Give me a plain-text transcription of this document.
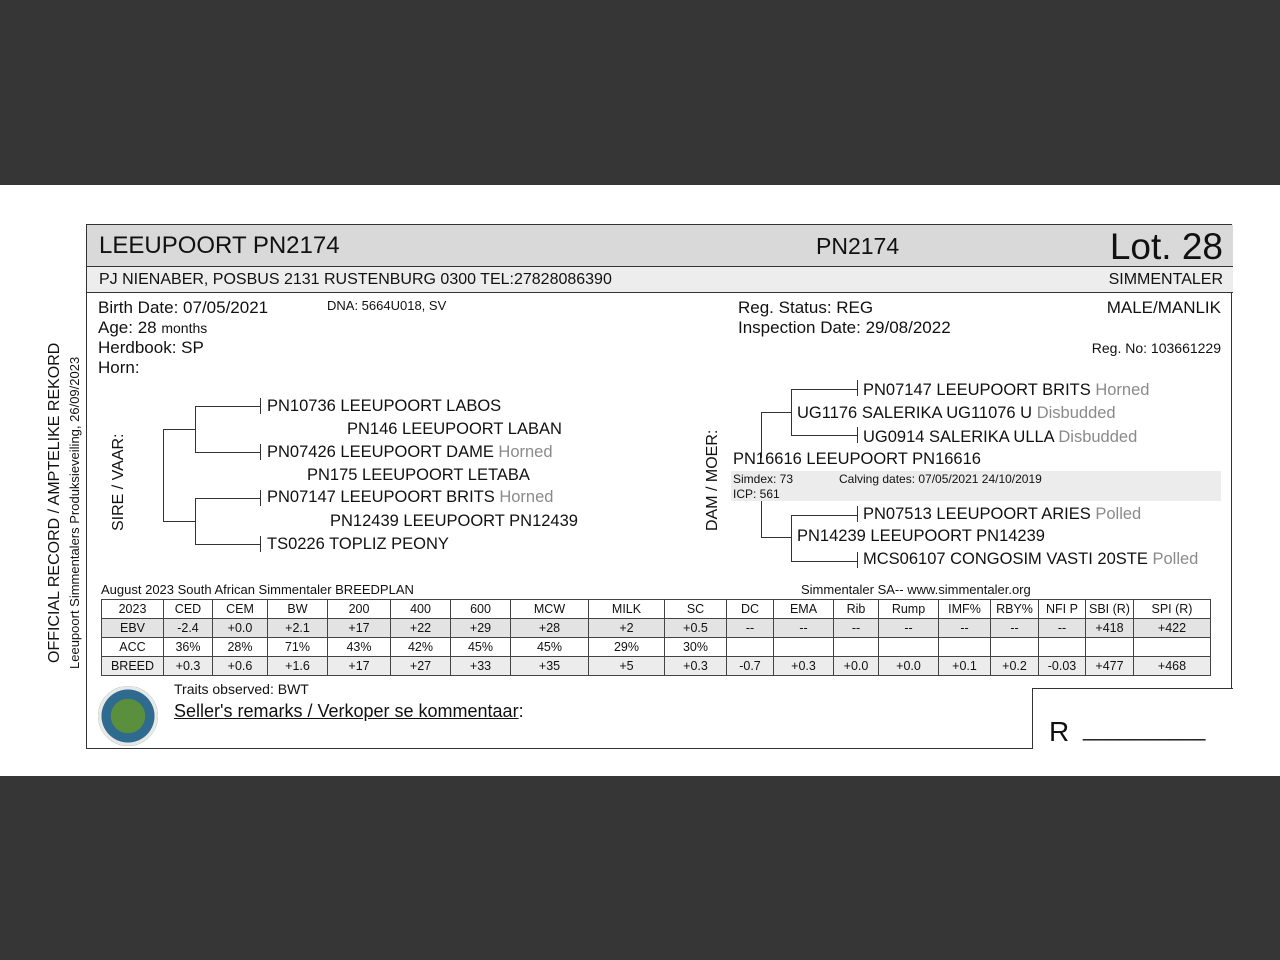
OFFICIAL RECORD / AMPTELIKE REKORD Leeupoort Simmentalers Produksieveiling, 26/09/2023
LEEUPOORT PN2174	PN2174	Lot. 28
PJ NIENABER, POSBUS 2131 RUSTENBURG 0300 TEL:27828086390	SIMMENTALER
Birth Date: 07/05/2021	DNA: 5664U018, SV
Age: 28 months
Herdbook: SP
Horn:
Reg. Status: REG
Inspection Date: 29/08/2022
MALE/MANLIK
Reg. No: 103661229
SIRE / VAAR:
PN10736 LEEUPOORT LABOS
PN146 LEEUPOORT LABAN
PN07426 LEEUPOORT DAME Horned
PN175 LEEUPOORT LETABA
PN07147 LEEUPOORT BRITS Horned
PN12439 LEEUPOORT PN12439
TS0226 TOPLIZ PEONY
DAM / MOER:
PN07147 LEEUPOORT BRITS Horned
UG1176 SALERIKA UG11076 U Disbudded
UG0914 SALERIKA ULLA Disbudded
PN16616 LEEUPOORT PN16616
Simdex: 73	Calving dates: 07/05/2021 24/10/2019
ICP: 561
PN07513 LEEUPOORT ARIES Polled
PN14239 LEEUPOORT PN14239
MCS06107 CONGOSIM VASTI 20STE Polled
August 2023 South African Simmentaler BREEDPLAN	Simmentaler SA-- www.simmentaler.org
2023	CED	CEM	BW	200	400	600	MCW	MILK	SC	DC	EMA	Rib	Rump	IMF%	RBY%	NFI P	SBI (R)	SPI (R)
EBV	-2.4	+0.0	+2.1	+17	+22	+29	+28	+2	+0.5	--	--	--	--	--	--	--	+418	+422
ACC	36%	28%	71%	43%	42%	45%	45%	29%	30%									
BREED	+0.3	+0.6	+1.6	+17	+27	+33	+35	+5	+0.3	-0.7	+0.3	+0.0	+0.0	+0.1	+0.2	-0.03	+477	+468
Traits observed: BWT
Seller's remarks / Verkoper se kommentaar:
R __________
